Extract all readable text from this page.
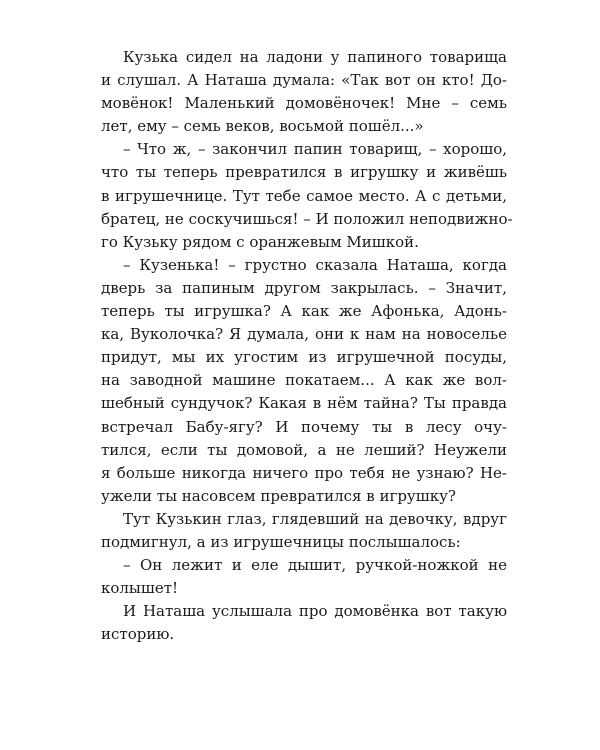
Кузька сидел на ладони у папиного товарища
и слушал. А Наташа думала: «Так вот он кто! До-
мовёнок! Маленький домовёночек! Мне – семь
лет, ему – семь веков, восьмой пошёл...»

– Что ж, – закончил папин товарищ, – хорошо,
что ты теперь превратился в игрушку и живёшь
в игрушечнице. Тут тебе самое место. А с детьми,
братец, не соскучишься! – И положил неподвижно-
го Кузьку рядом с оранжевым Мишкой.

– Кузенька! – грустно сказала Наташа, когда
дверь за папиным другом закрылась. – Значит,
теперь ты игрушка? А как же Афонька, Адонь-
ка, Вуколочка? Я думала, они к нам на новоселье
придут, мы их угостим из игрушечной посуды,
на заводной машине покатаем... А как же вол-
шебный сундучок? Какая в нём тайна? Ты правда
встречал Бабу-ягу? И почему ты в лесу очу-
тился, если ты домовой, а не леший? Неужели
я больше никогда ничего про тебя не узнаю? Не-
ужели ты насовсем превратился в игрушку?

Тут Кузькин глаз, глядевший на девочку, вдруг
подмигнул, а из игрушечницы послышалось:

– Он лежит и еле дышит, ручкой-ножкой не
колышет!

И Наташа услышала про домовёнка вот такую
историю.
